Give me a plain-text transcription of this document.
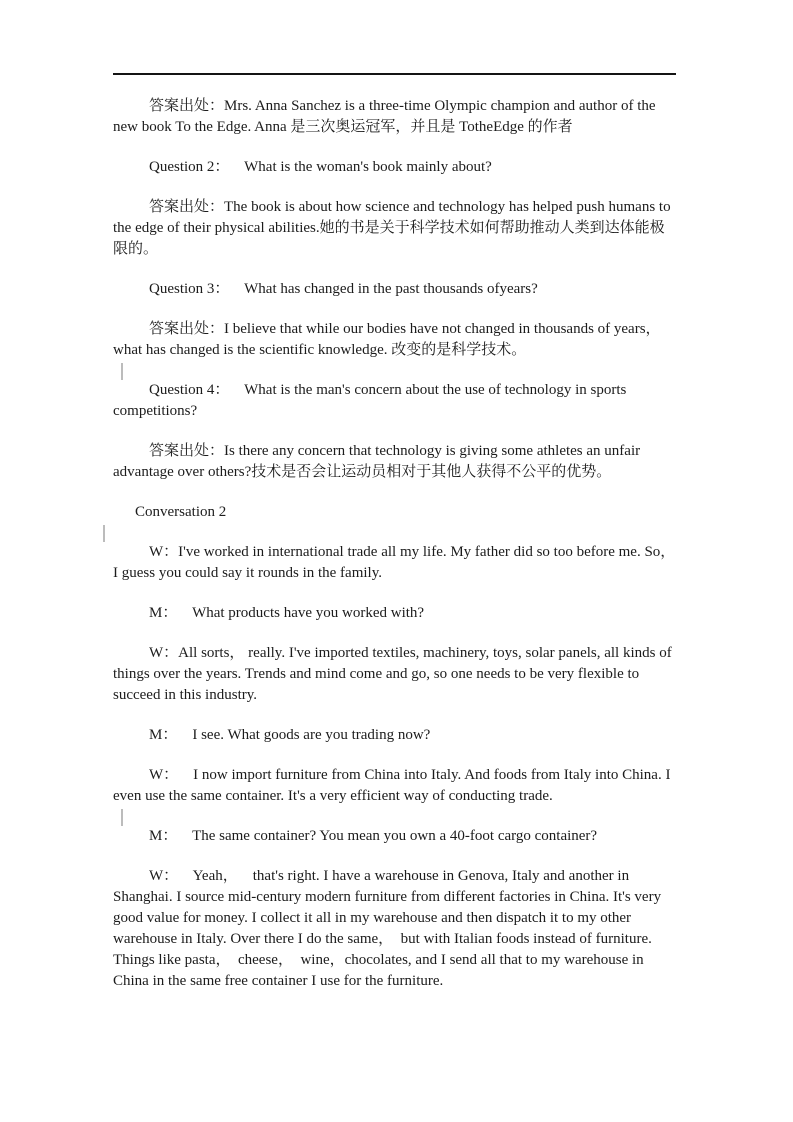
答案出处：Mrs. Anna Sanchez is a three-time Olympic champion and author of the new book To the Edge. Anna 是三次奥运冠军，并且是 TotheEdge 的作者

Question 2：    What is the woman's book mainly about?

答案出处：The book is about how science and technology has helped push humans to the edge of their physical abilities.她的书是关于科学技术如何帮助推动人类到达体能极限的。

Question 3：    What has changed in the past thousands ofyears?

答案出处：I believe that while our bodies have not changed in thousands of years， what has changed is the scientific knowledge. 改变的是科学技术。

Question 4：    What is the man's concern about the use of technology in sports competitions?

答案出处：Is there any concern that technology is giving some athletes an unfair advantage over others?技术是否会让运动员相对于其他人获得不公平的优势。

Conversation 2

W：I've worked in international trade all my life. My father did so too before me. So， I guess you could say it rounds in the family.

M：    What products have you worked with?

W：All sorts， really. I've imported textiles, machinery, toys, solar panels, all kinds of things over the years. Trends and mind come and go, so one needs to be very flexible to succeed in this industry.

M：    I see. What goods are you trading now?

W：    I now import furniture from China into Italy. And foods from Italy into China. I even use the same container. It's a very efficient way of conducting trade.

M：    The same container? You mean you own a 40-foot cargo container?

W：    Yeah，    that's right. I have a warehouse in Genova, Italy and another in Shanghai. I source mid-century modern furniture from different factories in China. It's very good value for money. I collect it all in my warehouse and then dispatch it to my other warehouse in Italy. Over there I do the same，  but with Italian foods instead of furniture. Things like pasta，  cheese，  wine，chocolates, and I send all that to my warehouse in China in the same free container I use for the furniture.
